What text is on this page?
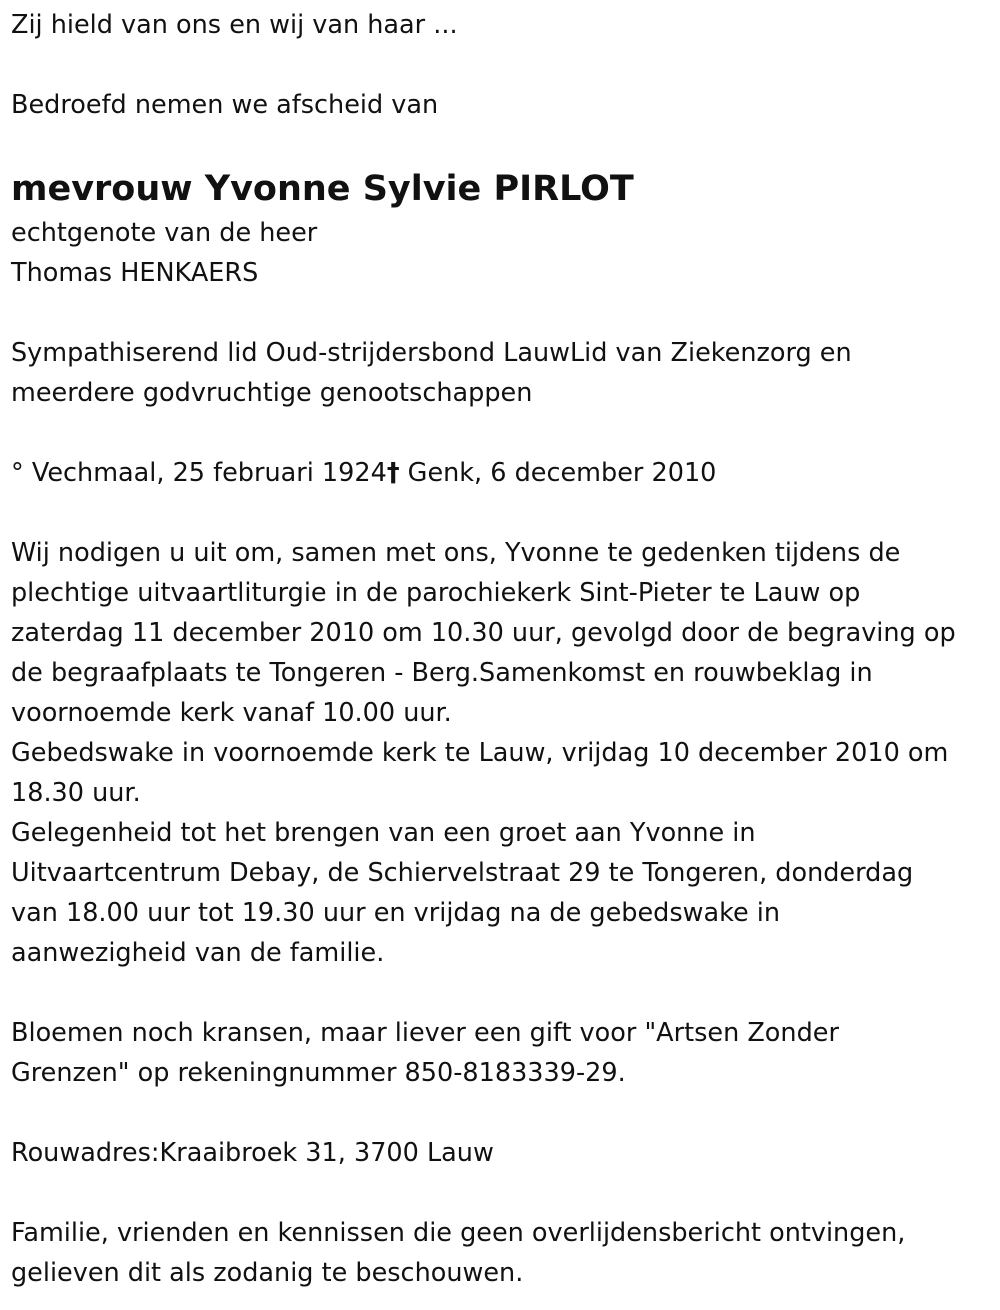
Zij hield van ons en wij van haar ...
Bedroefd nemen we afscheid van
mevrouw Yvonne Sylvie PIRLOT
echtgenote van de heer
Thomas HENKAERS
Sympathiserend lid Oud-strijdersbond LauwLid van Ziekenzorg en
meerdere godvruchtige genootschappen
° Vechmaal, 25 februari 1924† Genk, 6 december 2010
Wij nodigen u uit om, samen met ons, Yvonne te gedenken tijdens de
plechtige uitvaartliturgie in de parochiekerk Sint-Pieter te Lauw op
zaterdag 11 december 2010 om 10.30 uur, gevolgd door de begraving op
de begraafplaats te Tongeren - Berg.Samenkomst en rouwbeklag in
voornoemde kerk vanaf 10.00 uur.
Gebedswake in voornoemde kerk te Lauw, vrijdag 10 december 2010 om
18.30 uur.
Gelegenheid tot het brengen van een groet aan Yvonne in
Uitvaartcentrum Debay, de Schiervelstraat 29 te Tongeren, donderdag
van 18.00 uur tot 19.30 uur en vrijdag na de gebedswake in
aanwezigheid van de familie.
Bloemen noch kransen, maar liever een gift voor "Artsen Zonder
Grenzen" op rekeningnummer 850-8183339-29.
Rouwadres:Kraaibroek 31, 3700 Lauw
Familie, vrienden en kennissen die geen overlijdensbericht ontvingen,
gelieven dit als zodanig te beschouwen.
